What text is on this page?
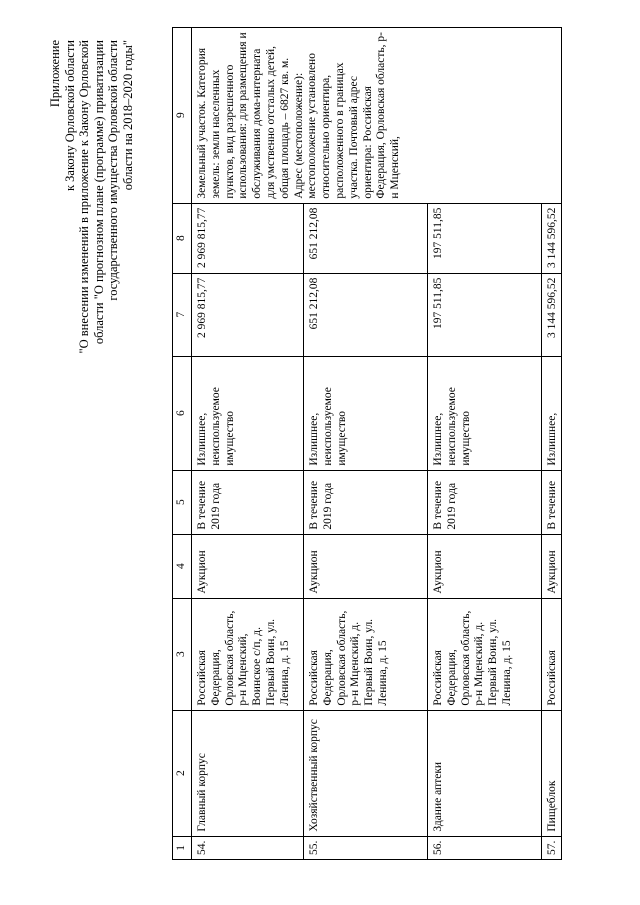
Приложение к Закону Орловской области "О внесении изменений в приложение к Закону Орловской области "О прогнозном плане (программе) приватизации государственного имущества Орловской области области на 2018–2020 годы"
1	2	3	4	5	6	7	8	9
54.	Главный корпус	Российская Федерация, Орловская область, р-н Мценский, Воинское с/п, д. Первый Воин, ул. Ленина, д. 15	Аукцион	В течение 2019 года	Излишнее, неиспользуемое имущество	2 969 815,77	2 969 815,77	Земельный участок. Категория земель: земли населенных пунктов, вид разрешенного использования: для размещения и обслуживания дома-интерната для умственно отсталых детей, общая площадь – 6827 кв. м. Адрес (местоположение): местоположение установлено относительно ориентира, расположенного в границах участка. Почтовый адрес ориентира: Российская Федерация, Орловская область, р-н Мценский,
55.	Хозяйственный корпус	Российская Федерация, Орловская область, р-н Мценский, д. Первый Воин, ул. Ленина, д. 15	Аукцион	В течение 2019 года	Излишнее, неиспользуемое имущество	651 212,08	651 212,08	
56.	Здание аптеки	Российская Федерация, Орловская область, р-н Мценский, д. Первый Воин, ул. Ленина, д. 15	Аукцион	В течение 2019 года	Излишнее, неиспользуемое имущество	197 511,85	197 511,85	
57.	Пищеблок	Российская	Аукцион	В течение	Излишнее,	3 144 596,52	3 144 596,52	
